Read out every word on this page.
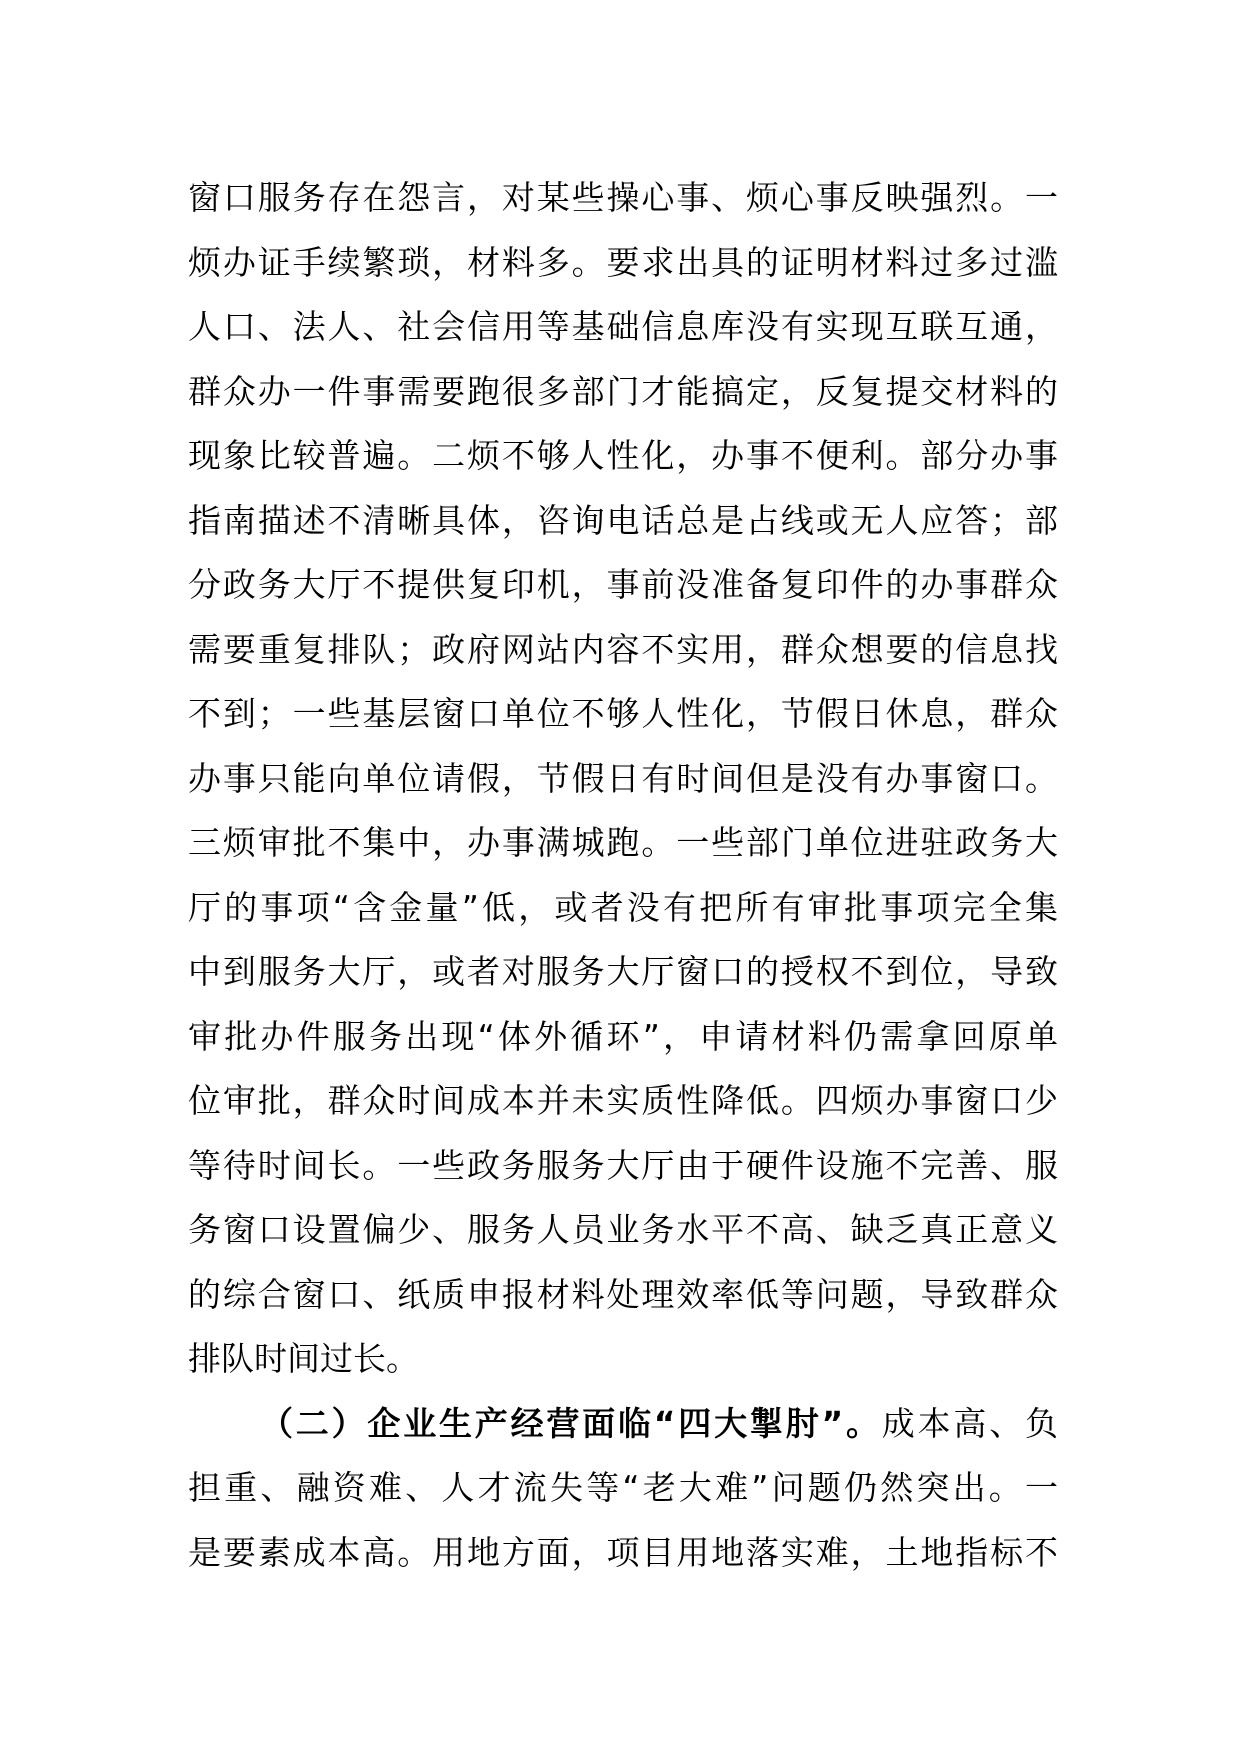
窗口服务存在怨言，对某些操心事、烦心事反映强烈。一
烦办证手续繁琐，材料多。要求出具的证明材料过多过滥
人口、法人、社会信用等基础信息库没有实现互联互通，
群众办一件事需要跑很多部门才能搞定，反复提交材料的
现象比较普遍。二烦不够人性化，办事不便利。部分办事
指南描述不清晰具体，咨询电话总是占线或无人应答；部
分政务大厅不提供复印机，事前没准备复印件的办事群众
需要重复排队；政府网站内容不实用，群众想要的信息找
不到；一些基层窗口单位不够人性化，节假日休息，群众
办事只能向单位请假，节假日有时间但是没有办事窗口。
三烦审批不集中，办事满城跑。一些部门单位进驻政务大
厅的事项“含金量”低，或者没有把所有审批事项完全集
中到服务大厅，或者对服务大厅窗口的授权不到位，导致
审批办件服务出现“体外循环”，申请材料仍需拿回原单
位审批，群众时间成本并未实质性降低。四烦办事窗口少
等待时间长。一些政务服务大厅由于硬件设施不完善、服
务窗口设置偏少、服务人员业务水平不高、缺乏真正意义
的综合窗口、纸质申报材料处理效率低等问题，导致群众
排队时间过长。
（二）企业生产经营面临“四大掣肘”。成本高、负
担重、融资难、人才流失等“老大难”问题仍然突出。一
是要素成本高。用地方面，项目用地落实难，土地指标不
